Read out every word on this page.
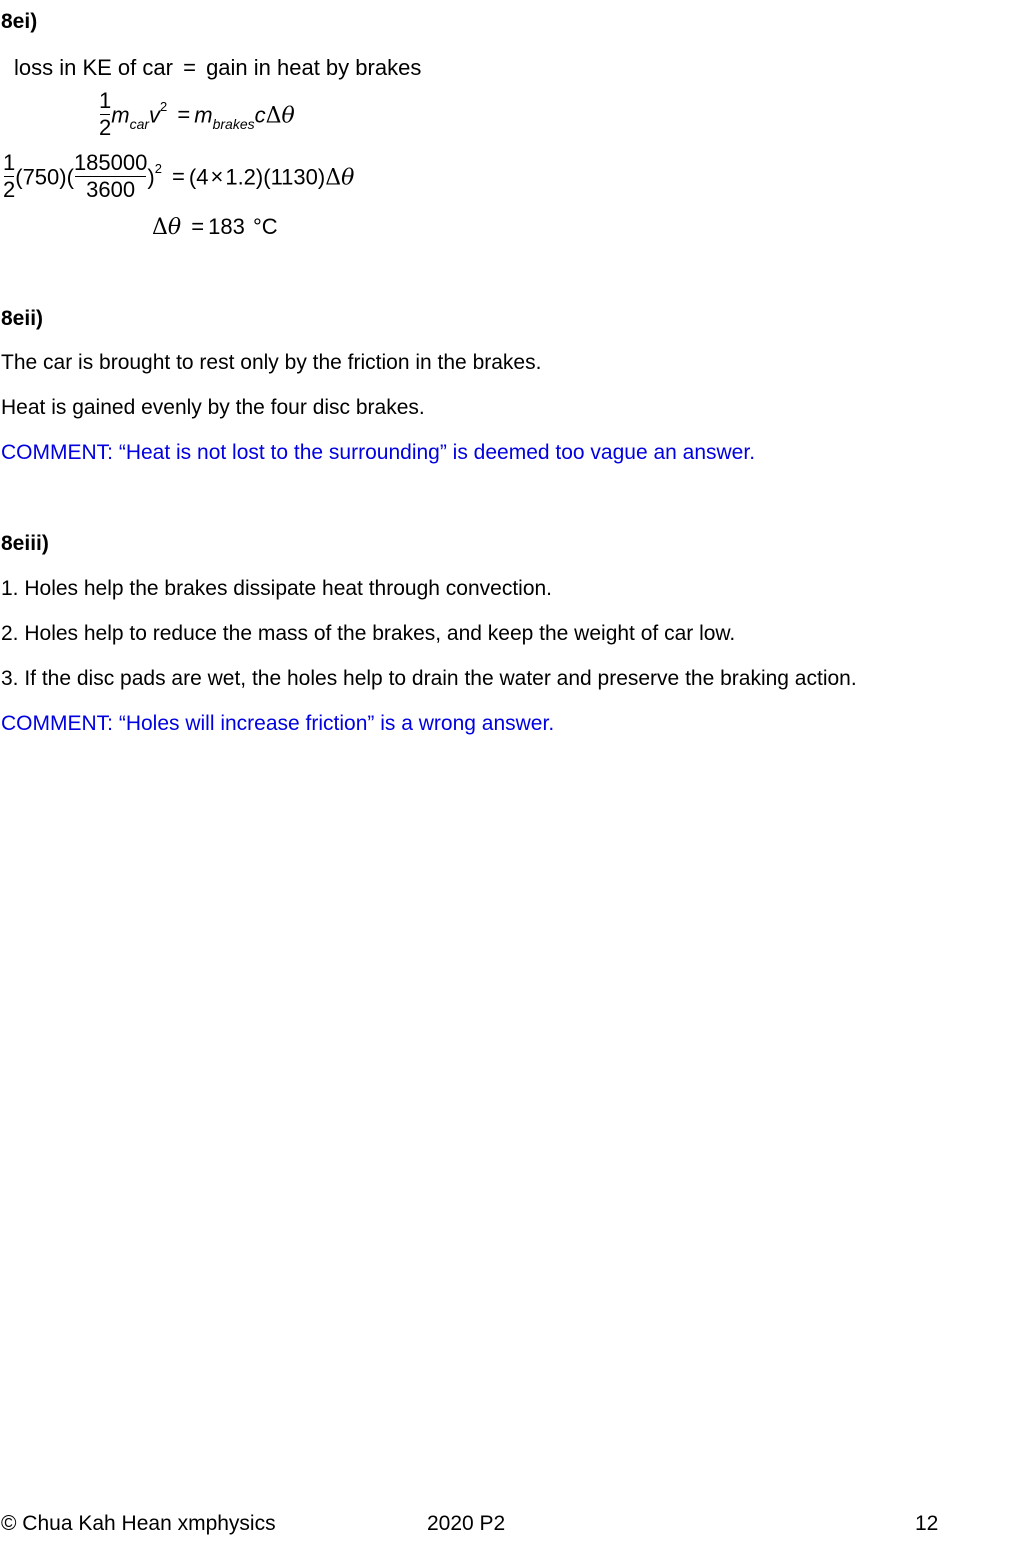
8ei)
loss in KE of car = gain in heat by brakes
$\frac{1}{2} m_{car}v^2 = m_{brakes}c\Delta\theta$
$\frac{1}{2} (750)( \frac{185000}{3600} )^2 = (4\times 1.2)(1130)\Delta\theta$
Δθ = 183 °C
8eii)
The car is brought to rest only by the friction in the brakes.
Heat is gained evenly by the four disc brakes.
COMMENT: “Heat is not lost to the surrounding” is deemed too vague an answer.
8eiii)
1. Holes help the brakes dissipate heat through convection.
2. Holes help to reduce the mass of the brakes, and keep the weight of car low.
3. If the disc pads are wet, the holes help to drain the water and preserve the braking action.
COMMENT: “Holes will increase friction” is a wrong answer.
© Chua Kah Hean xmphysics	2020 P2	12
